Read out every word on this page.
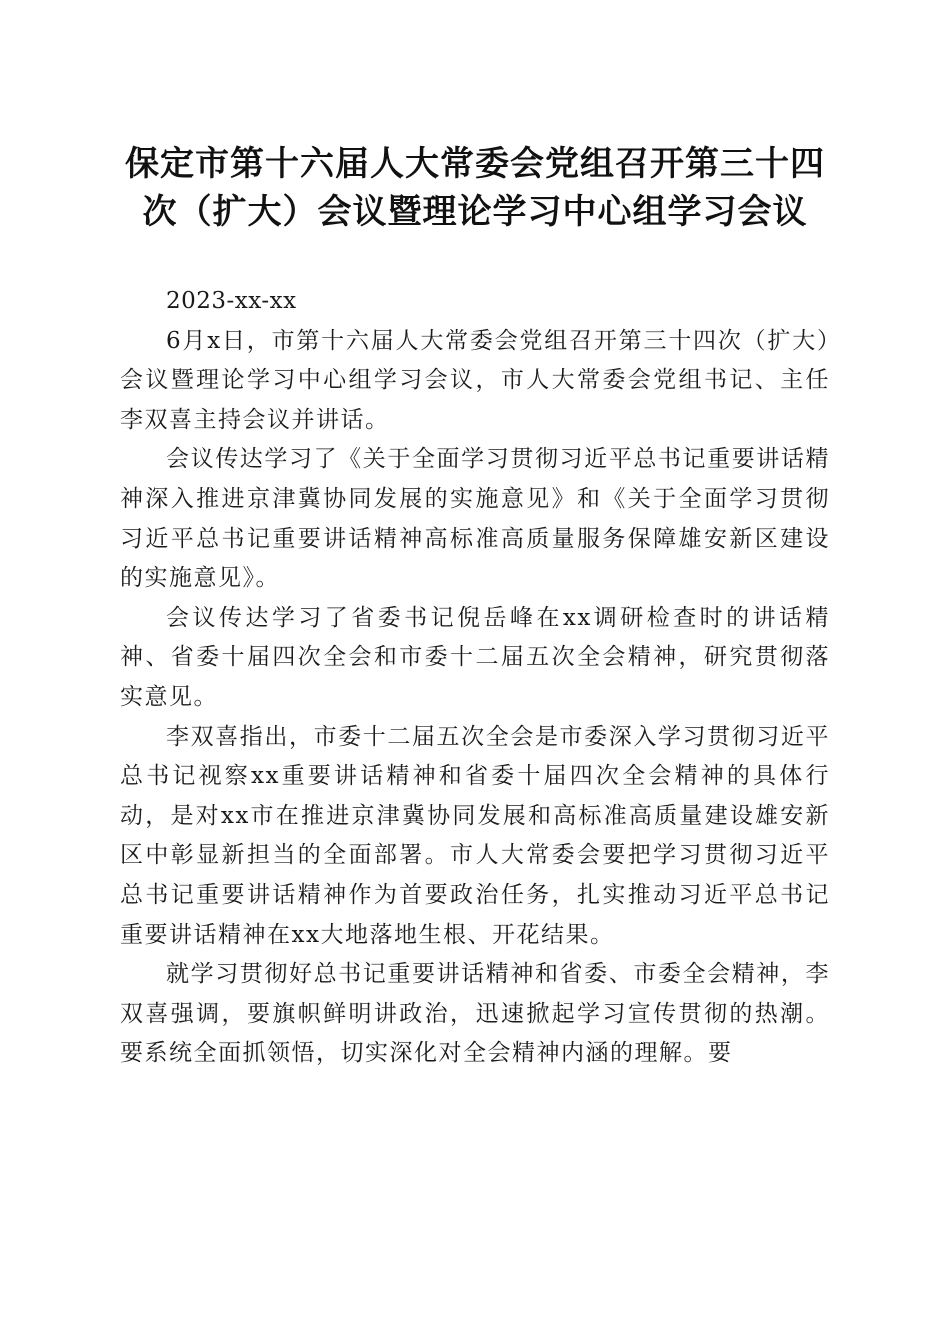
保定市第十六届人大常委会党组召开第三十四
次（扩大）会议暨理论学习中心组学习会议

2023-xx-xx

6月x日，市第十六届人大常委会党组召开第三十四次（扩大）会议暨理论学习中心组学习会议，市人大常委会党组书记、主任李双喜主持会议并讲话。

会议传达学习了《关于全面学习贯彻习近平总书记重要讲话精神深入推进京津冀协同发展的实施意见》和《关于全面学习贯彻习近平总书记重要讲话精神高标准高质量服务保障雄安新区建设的实施意见》。

会议传达学习了省委书记倪岳峰在xx调研检查时的讲话精神、省委十届四次全会和市委十二届五次全会精神，研究贯彻落实意见。

李双喜指出，市委十二届五次全会是市委深入学习贯彻习近平总书记视察xx重要讲话精神和省委十届四次全会精神的具体行动，是对xx市在推进京津冀协同发展和高标准高质量建设雄安新区中彰显新担当的全面部署。市人大常委会要把学习贯彻习近平总书记重要讲话精神作为首要政治任务，扎实推动习近平总书记重要讲话精神在xx大地落地生根、开花结果。

就学习贯彻好总书记重要讲话精神和省委、市委全会精神，李双喜强调，要旗帜鲜明讲政治，迅速掀起学习宣传贯彻的热潮。要系统全面抓领悟，切实深化对全会精神内涵的理解。要
